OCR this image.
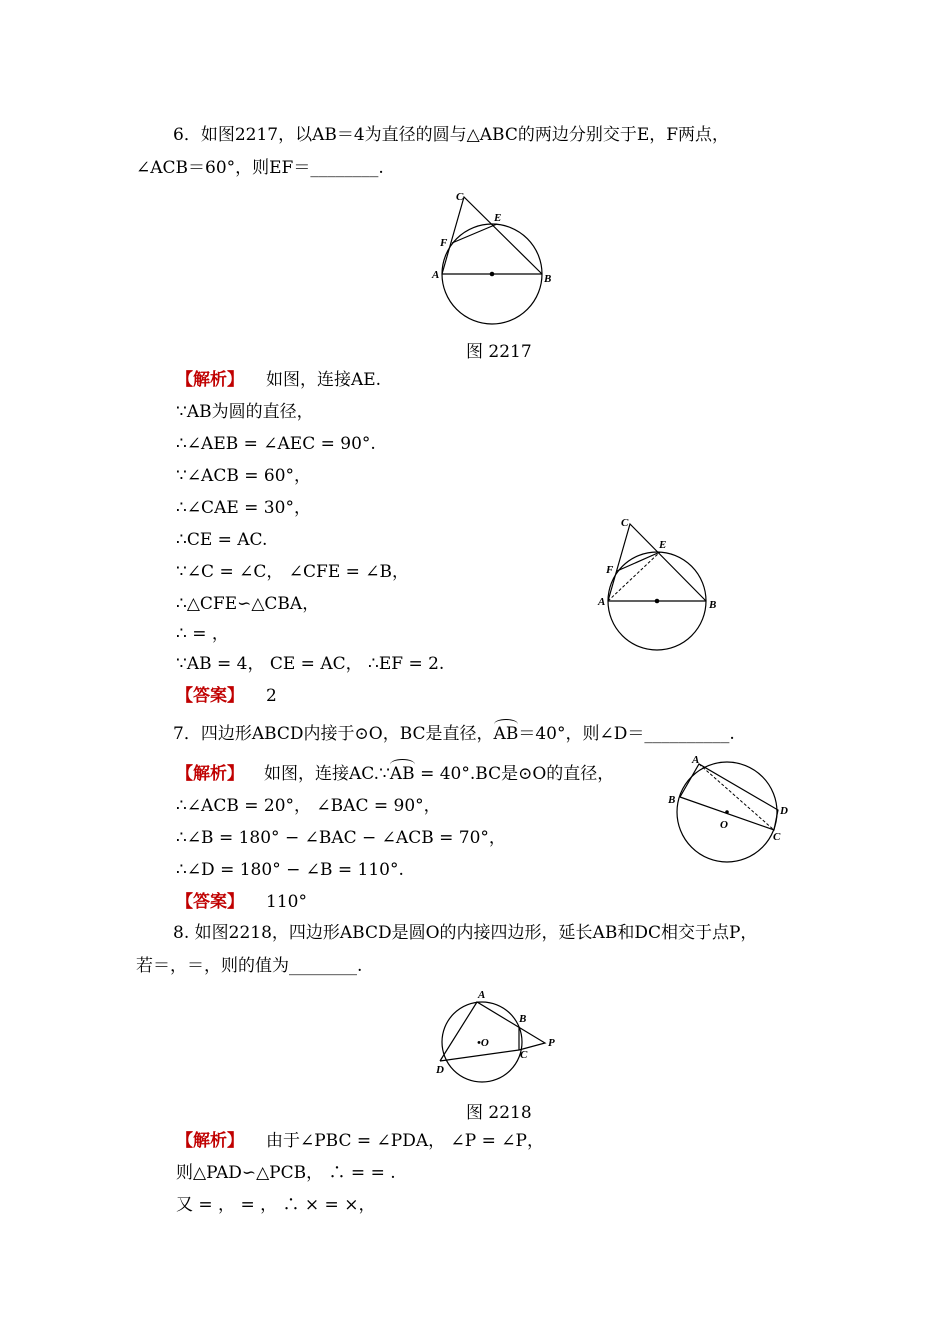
6．如图2217，以AB＝4为直径的圆与△ABC的两边分别交于E，F两点，
∠ACB＝60°，则EF＝________.
C
E
F
A	B
C
E
F
A	B
A
B
D
C
O
A
B
C
D
•O	P
图 2217
【解析】 如图，连接AE.
∵AB为圆的直径，
∴∠AEB = ∠AEC = 90°.
∵∠ACB = 60°，
∴∠CAE = 30°，
∴CE = AC.
∵∠C = ∠C， ∠CFE = ∠B，
∴△CFE∽△CBA，
∴ = ，
∵AB = 4， CE = AC， ∴EF = 2.
【答案】 2
7．四边形ABCD内接于⊙O，BC是直径，AB＝40°，则∠D＝__________.
【解析】 如图，连接AC.∵AB = 40°.BC是⊙O的直径，
∴∠ACB = 20°， ∠BAC = 90°，
∴∠B = 180° − ∠BAC − ∠ACB = 70°，
∴∠D = 180° − ∠B = 110°.
【答案】 110°
8. 如图2218，四边形ABCD是圆O的内接四边形，延长AB和DC相交于点P，
若＝，＝，则的值为________.
图 2218
【解析】 由于∠PBC = ∠PDA， ∠P = ∠P，
则△PAD∽△PCB， ∴ = = .
又 = ， = ， ∴ × = ×，
